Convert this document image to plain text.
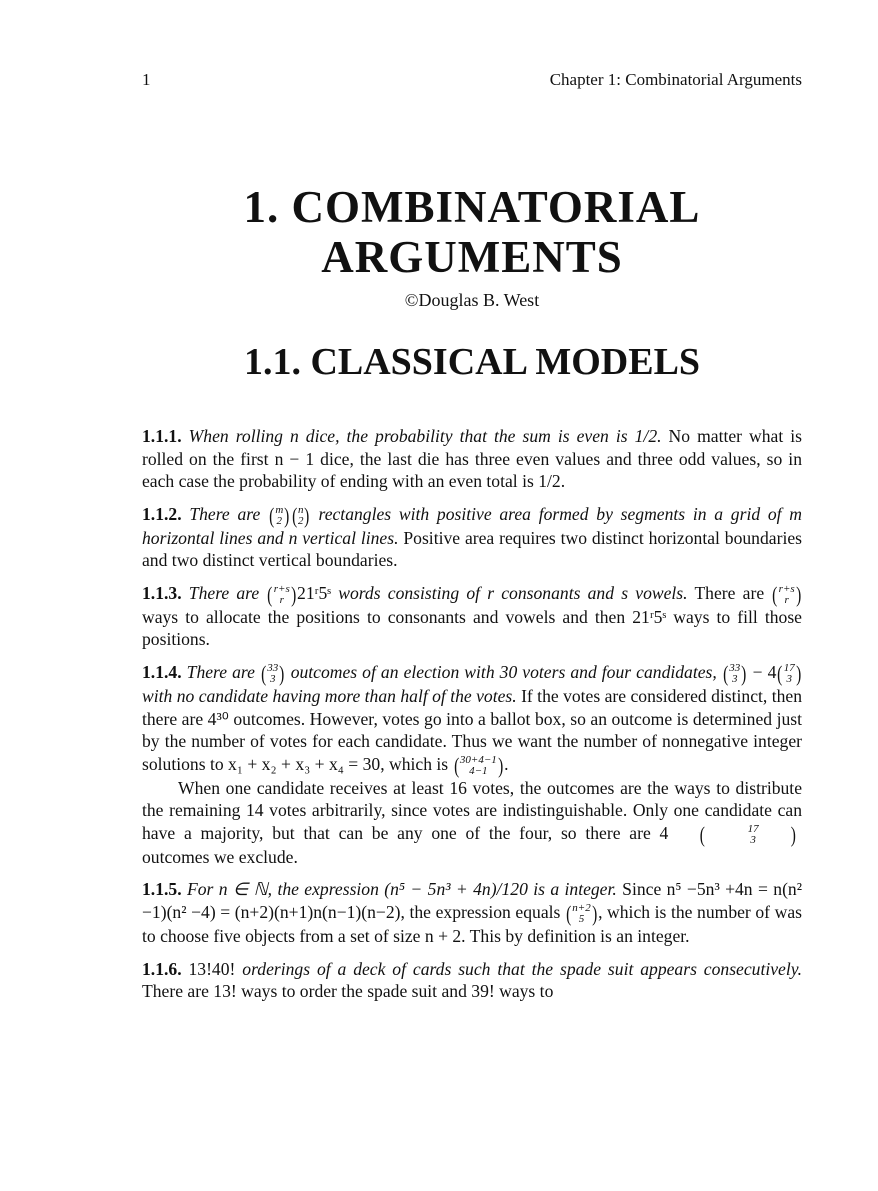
1	Chapter 1: Combinatorial Arguments
1. COMBINATORIAL
ARGUMENTS
©Douglas B. West
1.1. CLASSICAL MODELS

1.1.1. When rolling n dice, the probability that the sum is even is 1/2. No matter what is rolled on the first n − 1 dice, the last die has three even values and three odd values, so in each case the probability of ending with an even total is 1/2.

1.1.2. There are ( m
2 ) ( n
2 ) rectangles with positive area formed by segments in a grid of m horizontal lines and n vertical lines. Positive area requires two distinct horizontal boundaries and two distinct vertical boundaries.

1.1.3. There are ( r+s
r ) 21ʳ5ˢ words consisting of r consonants and s vowels. There are ( r+s
r )
ways to allocate the positions to consonants and vowels and then 21ʳ5ˢ ways to fill those positions.

1.1.4. There are ( 33
3 ) outcomes of an election with 30 voters and four candidates, ( 33
3 ) − 4 ( 17
3 )
with no candidate having more than half of the votes. If the votes are considered distinct, then there are 4³⁰ outcomes. However, votes go into a ballot box, so an outcome is determined just by the number of votes for each candidate. Thus we want the number of nonnegative integer solutions to x₁ + x₂ + x₃ + x₄ = 30, which is ( 30+4−1
4−1 ) .

When one candidate receives at least 16 votes, the outcomes are the ways to distribute the remaining 14 votes arbitrarily, since votes are indistinguishable. Only one candidate can have a majority, but that can be any one of the four, so there are 4	(	17
3	)
outcomes we exclude.

1.1.5. For n ∈ ℕ, the expression (n⁵ − 5n³ + 4n)/120 is a integer. Since n⁵ −5n³ +4n = n(n² −1)(n² −4) = (n+2)(n+1)n(n−1)(n−2), the expression equals ( n+2
5 ) , which is the number of was to choose five objects from a set of size n + 2. This by definition is an integer.

1.1.6. 13!40! orderings of a deck of cards such that the spade suit appears consecutively. There are 13! ways to order the spade suit and 39! ways to
